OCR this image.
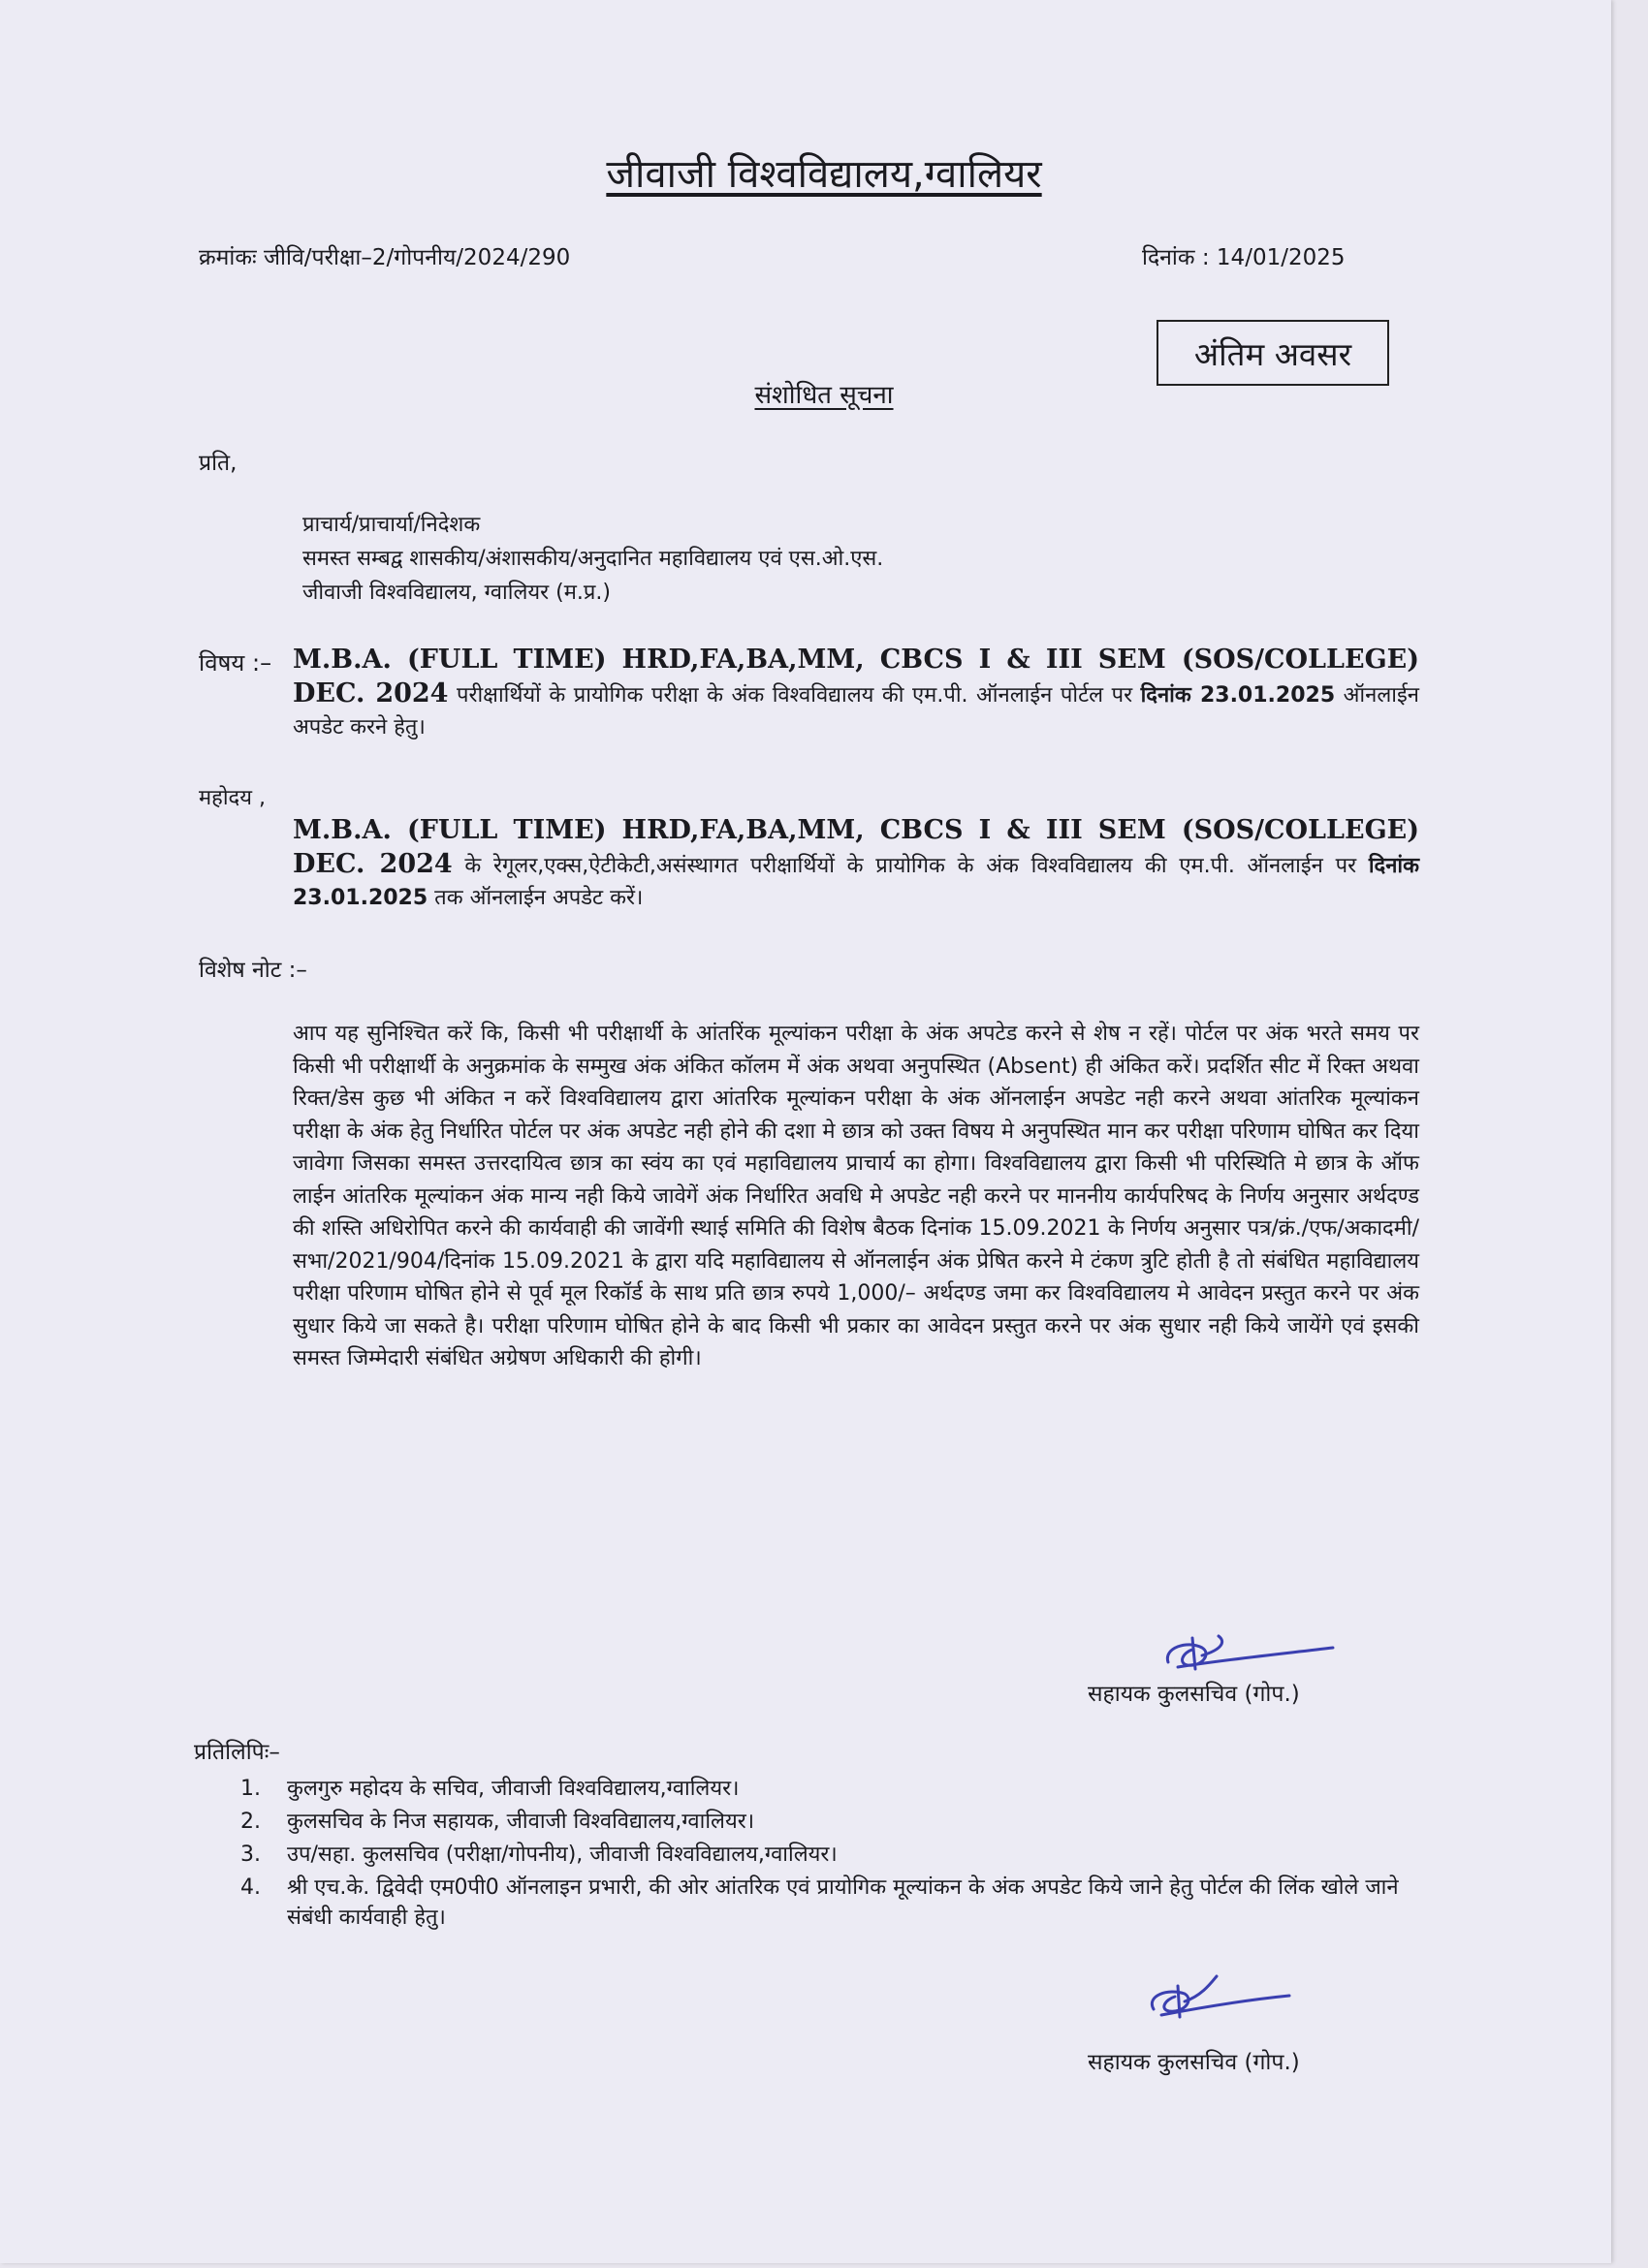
जीवाजी विश्वविद्यालय,ग्वालियर
क्रमांकः जीवि/परीक्षा–2/गोपनीय/2024/290	दिनांक : 14/01/2025
अंतिम अवसर
संशोधित सूचना
प्रति,
प्राचार्य/प्राचार्या/निदेशक
समस्त सम्बद्व शासकीय/अंशासकीय/अनुदानित महाविद्यालय एवं एस.ओ.एस.
जीवाजी विश्वविद्यालय, ग्वालियर (म.प्र.)
विषय :– M.B.A. (FULL TIME) HRD,FA,BA,MM, CBCS I & III SEM (SOS/COLLEGE) DEC. 2024 परीक्षार्थियों के प्रायोगिक परीक्षा के अंक विश्वविद्यालय की एम.पी. ऑनलाईन पोर्टल पर दिनांक 23.01.2025 ऑनलाईन अपडेट करने हेतु।
महोदय ,
M.B.A. (FULL TIME) HRD,FA,BA,MM, CBCS I & III SEM (SOS/COLLEGE) DEC. 2024 के रेगूलर,एक्स,ऐटीकेटी,असंस्थागत परीक्षार्थियों के प्रायोगिक के अंक विश्वविद्यालय की एम.पी. ऑनलाईन पर दिनांक 23.01.2025 तक ऑनलाईन अपडेट करें।
विशेष नोट :–
आप यह सुनिश्चित करें कि, किसी भी परीक्षार्थी के आंतरिंक मूल्यांकन परीक्षा के अंक अपटेड करने से शेष न रहें। पोर्टल पर अंक भरते समय पर किसी भी परीक्षार्थी के अनुक्रमांक के सम्मुख अंक अंकित कॉलम में अंक अथवा अनुपस्थित (Absent) ही अंकित करें। प्रदर्शित सीट में रिक्त अथवा रिक्त/डेस कुछ भी अंकित न करें विश्वविद्यालय द्वारा आंतरिक मूल्यांकन परीक्षा के अंक ऑनलाईन अपडेट नही करने अथवा आंतरिक मूल्यांकन परीक्षा के अंक हेतु निर्धारित पोर्टल पर अंक अपडेट नही होने की दशा मे छात्र को उक्त विषय मे अनुपस्थित मान कर परीक्षा परिणाम घोषित कर दिया जावेगा जिसका समस्त उत्तरदायित्व छात्र का स्वंय का एवं महाविद्यालय प्राचार्य का होगा। विश्वविद्यालय द्वारा किसी भी परिस्थिति मे छात्र के ऑफ लाईन आंतरिक मूल्यांकन अंक मान्य नही किये जावेगें अंक निर्धारित अवधि मे अपडेट नही करने पर माननीय कार्यपरिषद के निर्णय अनुसार अर्थदण्ड की शस्ति अधिरोपित करने की कार्यवाही की जावेंगी स्थाई समिति की विशेष बैठक दिनांक 15.09.2021 के निर्णय अनुसार पत्र/क्रं./एफ/अकादमी/सभा/2021/904/दिनांक 15.09.2021 के द्वारा यदि महाविद्यालय से ऑनलाईन अंक प्रेषित करने मे टंकण त्रुटि होती है तो संबंधित महाविद्यालय परीक्षा परिणाम घोषित होने से पूर्व मूल रिकॉर्ड के साथ प्रति छात्र रुपये 1,000/– अर्थदण्ड जमा कर विश्वविद्यालय मे आवेदन प्रस्तुत करने पर अंक सुधार किये जा सकते है। परीक्षा परिणाम घोषित होने के बाद किसी भी प्रकार का आवेदन प्रस्तुत करने पर अंक सुधार नही किये जायेंगे एवं इसकी समस्त जिम्मेदारी संबंधित अग्रेषण अधिकारी की होगी।
सहायक कुलसचिव (गोप.)
प्रतिलिपिः–
1. कुलगुरु महोदय के सचिव, जीवाजी विश्वविद्यालय,ग्वालियर।
2. कुलसचिव के निज सहायक, जीवाजी विश्वविद्यालय,ग्वालियर।
3. उप/सहा. कुलसचिव (परीक्षा/गोपनीय), जीवाजी विश्वविद्यालय,ग्वालियर।
4. श्री एच.के. द्विवेदी एम0पी0 ऑनलाइन प्रभारी, की ओर आंतरिक एवं प्रायोगिक मूल्यांकन के अंक अपडेट किये जाने हेतु पोर्टल की लिंक खोले जाने संबंधी कार्यवाही हेतु।
सहायक कुलसचिव (गोप.)
